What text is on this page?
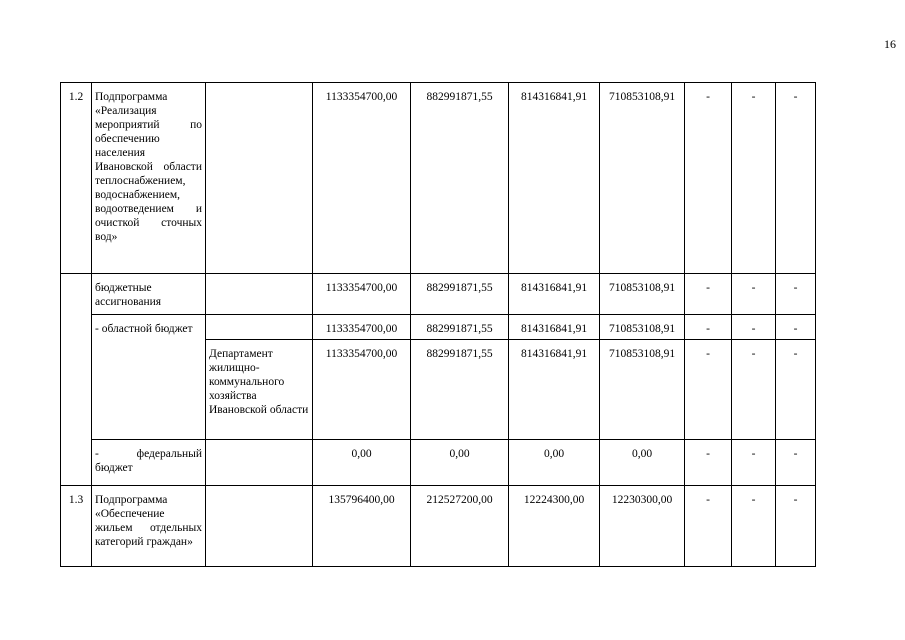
16
1.2	Подпрограмма «Реализация мероприятий по обеспечению населения Ивановской области теплоснабжением, водоснабжением, водоотведением и очисткой сточных вод»		1133354700,00	882991871,55	814316841,91	710853108,91	-	-	-

	бюджетные ассигнования		1133354700,00	882991871,55	814316841,91	710853108,91	-	-	-

	- областной бюджет		1133354700,00	882991871,55	814316841,91	710853108,91	-	-	-

		Департамент жилищно-коммунального хозяйства Ивановской области	1133354700,00	882991871,55	814316841,91	710853108,91	-	-	-

	- федеральный бюджет		0,00	0,00	0,00	0,00	-	-	-
1.3	Подпрограмма «Обеспечение жильем отдельных категорий граждан»		135796400,00	212527200,00	12224300,00	12230300,00	-	-	-
